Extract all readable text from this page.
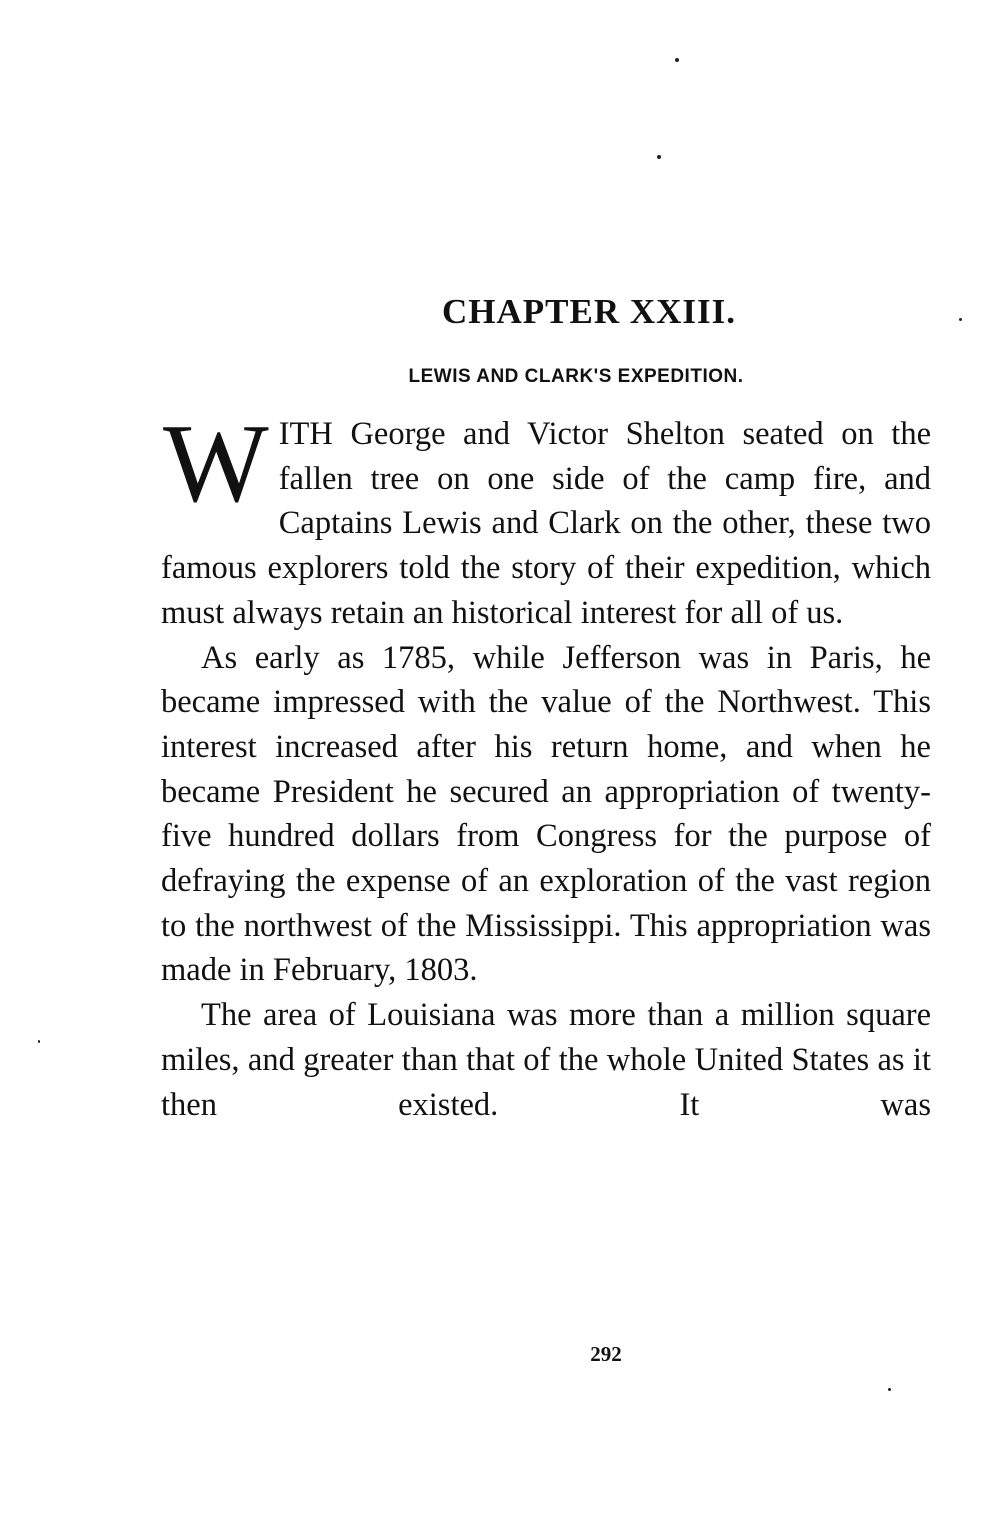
CHAPTER XXIII.
LEWIS AND CLARK'S EXPEDITION.

WITH George and Victor Shelton seated on the fallen tree on one side of the camp fire, and Captains Lewis and Clark on the other, these two famous explorers told the story of their expedition, which must always retain an historical interest for all of us.

As early as 1785, while Jefferson was in Paris, he became impressed with the value of the Northwest. This interest increased after his return home, and when he became President he secured an appropriation of twenty-five hundred dollars from Congress for the purpose of defraying the expense of an exploration of the vast region to the northwest of the Mississippi. This appropriation was made in February, 1803.

The area of Louisiana was more than a million square miles, and greater than that of the whole United States as it then existed. It was

292
